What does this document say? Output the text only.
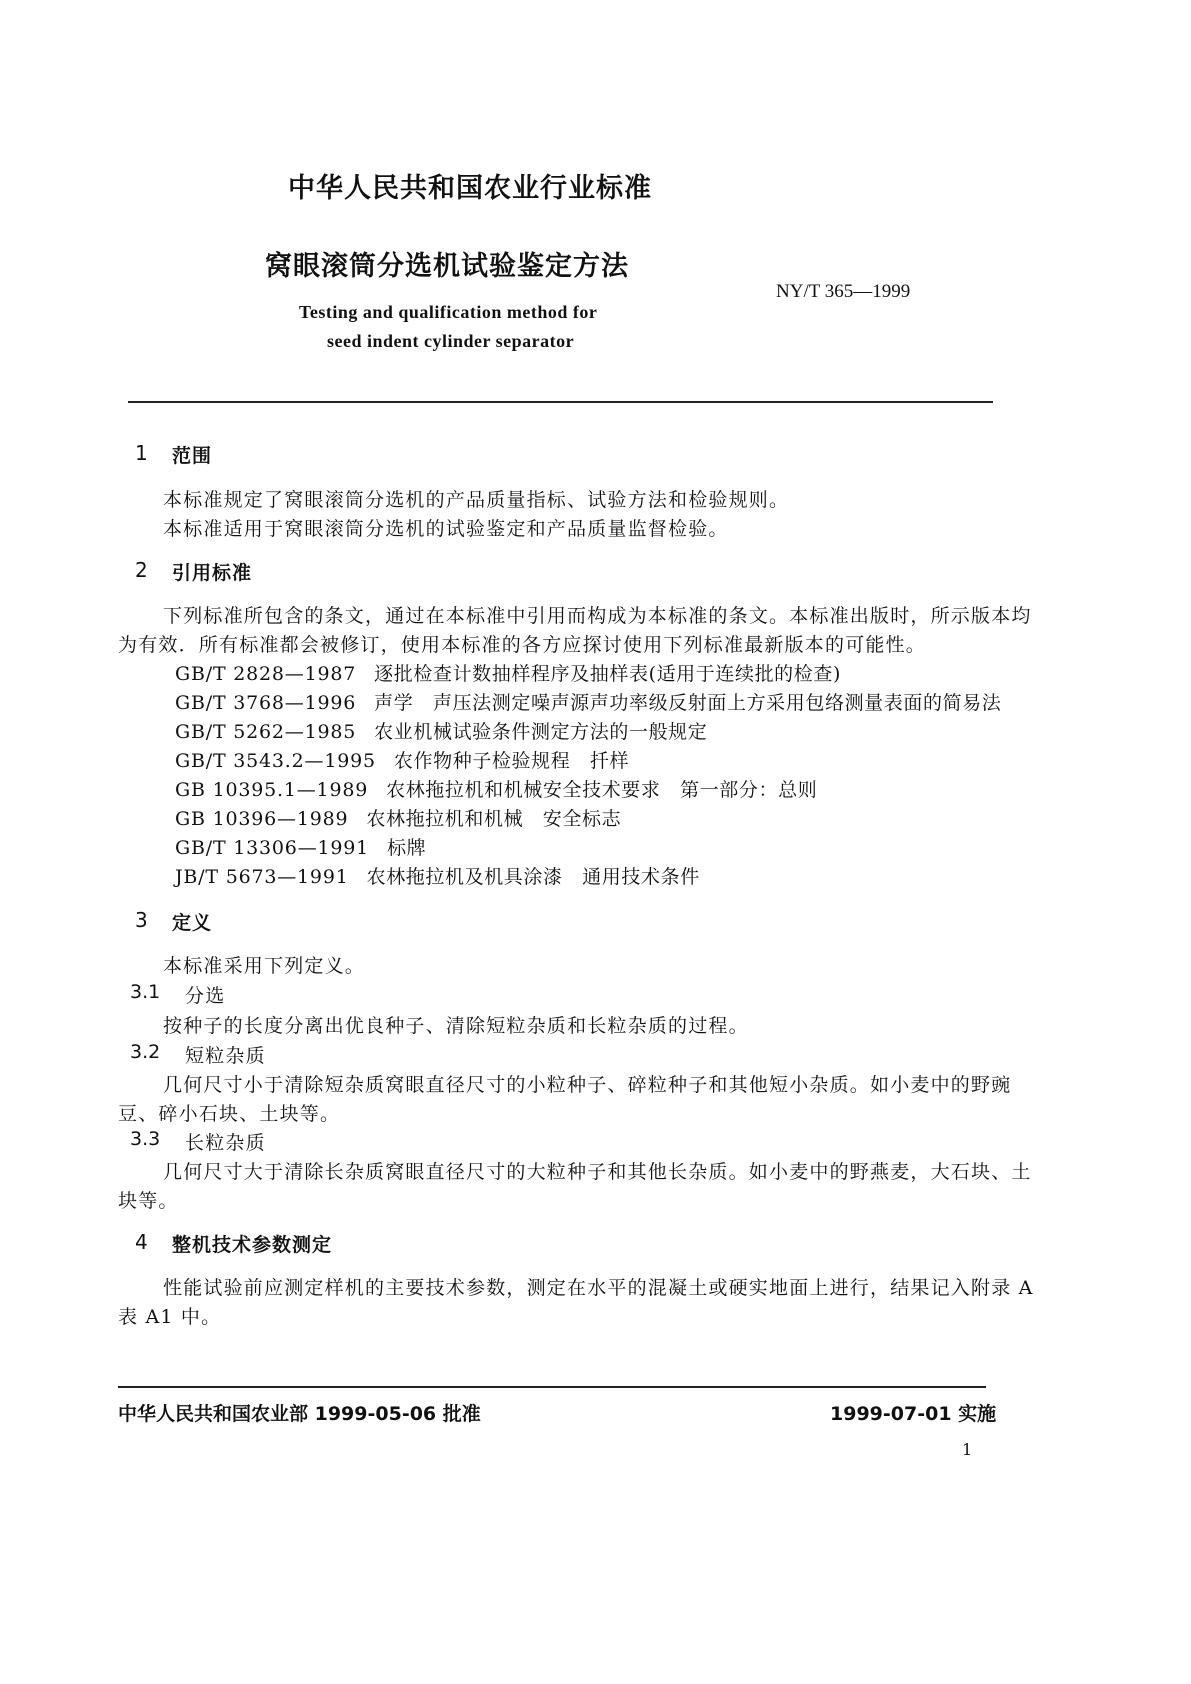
中华人民共和国农业行业标准
窝眼滚筒分选机试验鉴定方法
NY/T 365—1999
Testing and qualification method for
seed indent cylinder separator
1 范围
本标准规定了窝眼滚筒分选机的产品质量指标、试验方法和检验规则。
本标准适用于窝眼滚筒分选机的试验鉴定和产品质量监督检验。
2 引用标准
下列标准所包含的条文，通过在本标准中引用而构成为本标准的条文。本标准出版时，所示版本均
为有效．所有标准都会被修订，使用本标准的各方应探讨使用下列标准最新版本的可能性。
GB/T 2828—1987 逐批检查计数抽样程序及抽样表(适用于连续批的检查)
GB/T 3768—1996 声学　声压法测定噪声源声功率级反射面上方采用包络测量表面的简易法
GB/T 5262—1985 农业机械试验条件测定方法的一般规定
GB/T 3543.2—1995 农作物种子检验规程　扦样
GB 10395.1—1989 农林拖拉机和机械安全技术要求　第一部分：总则
GB 10396—1989 农林拖拉机和机械　安全标志
GB/T 13306—1991 标牌
JB/T 5673—1991 农林拖拉机及机具涂漆　通用技术条件
3 定义
本标准采用下列定义。
3.1 分选
按种子的长度分离出优良种子、清除短粒杂质和长粒杂质的过程。
3.2 短粒杂质
几何尺寸小于清除短杂质窝眼直径尺寸的小粒种子、碎粒种子和其他短小杂质。如小麦中的野豌
豆、碎小石块、土块等。
3.3 长粒杂质
几何尺寸大于清除长杂质窝眼直径尺寸的大粒种子和其他长杂质。如小麦中的野燕麦，大石块、土
块等。
4 整机技术参数测定
性能试验前应测定样机的主要技术参数，测定在水平的混凝土或硬实地面上进行，结果记入附录 A
表 A1 中。
中华人民共和国农业部 1999-05-06 批准	1999-07-01 实施
1
